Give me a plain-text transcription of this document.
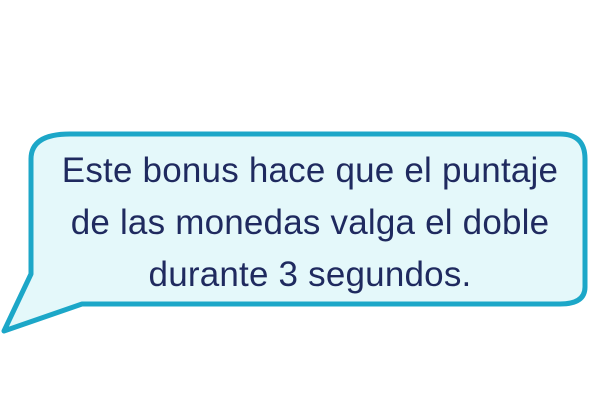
Este bonus hace que el puntaje de las monedas valga el doble durante 3 segundos.
